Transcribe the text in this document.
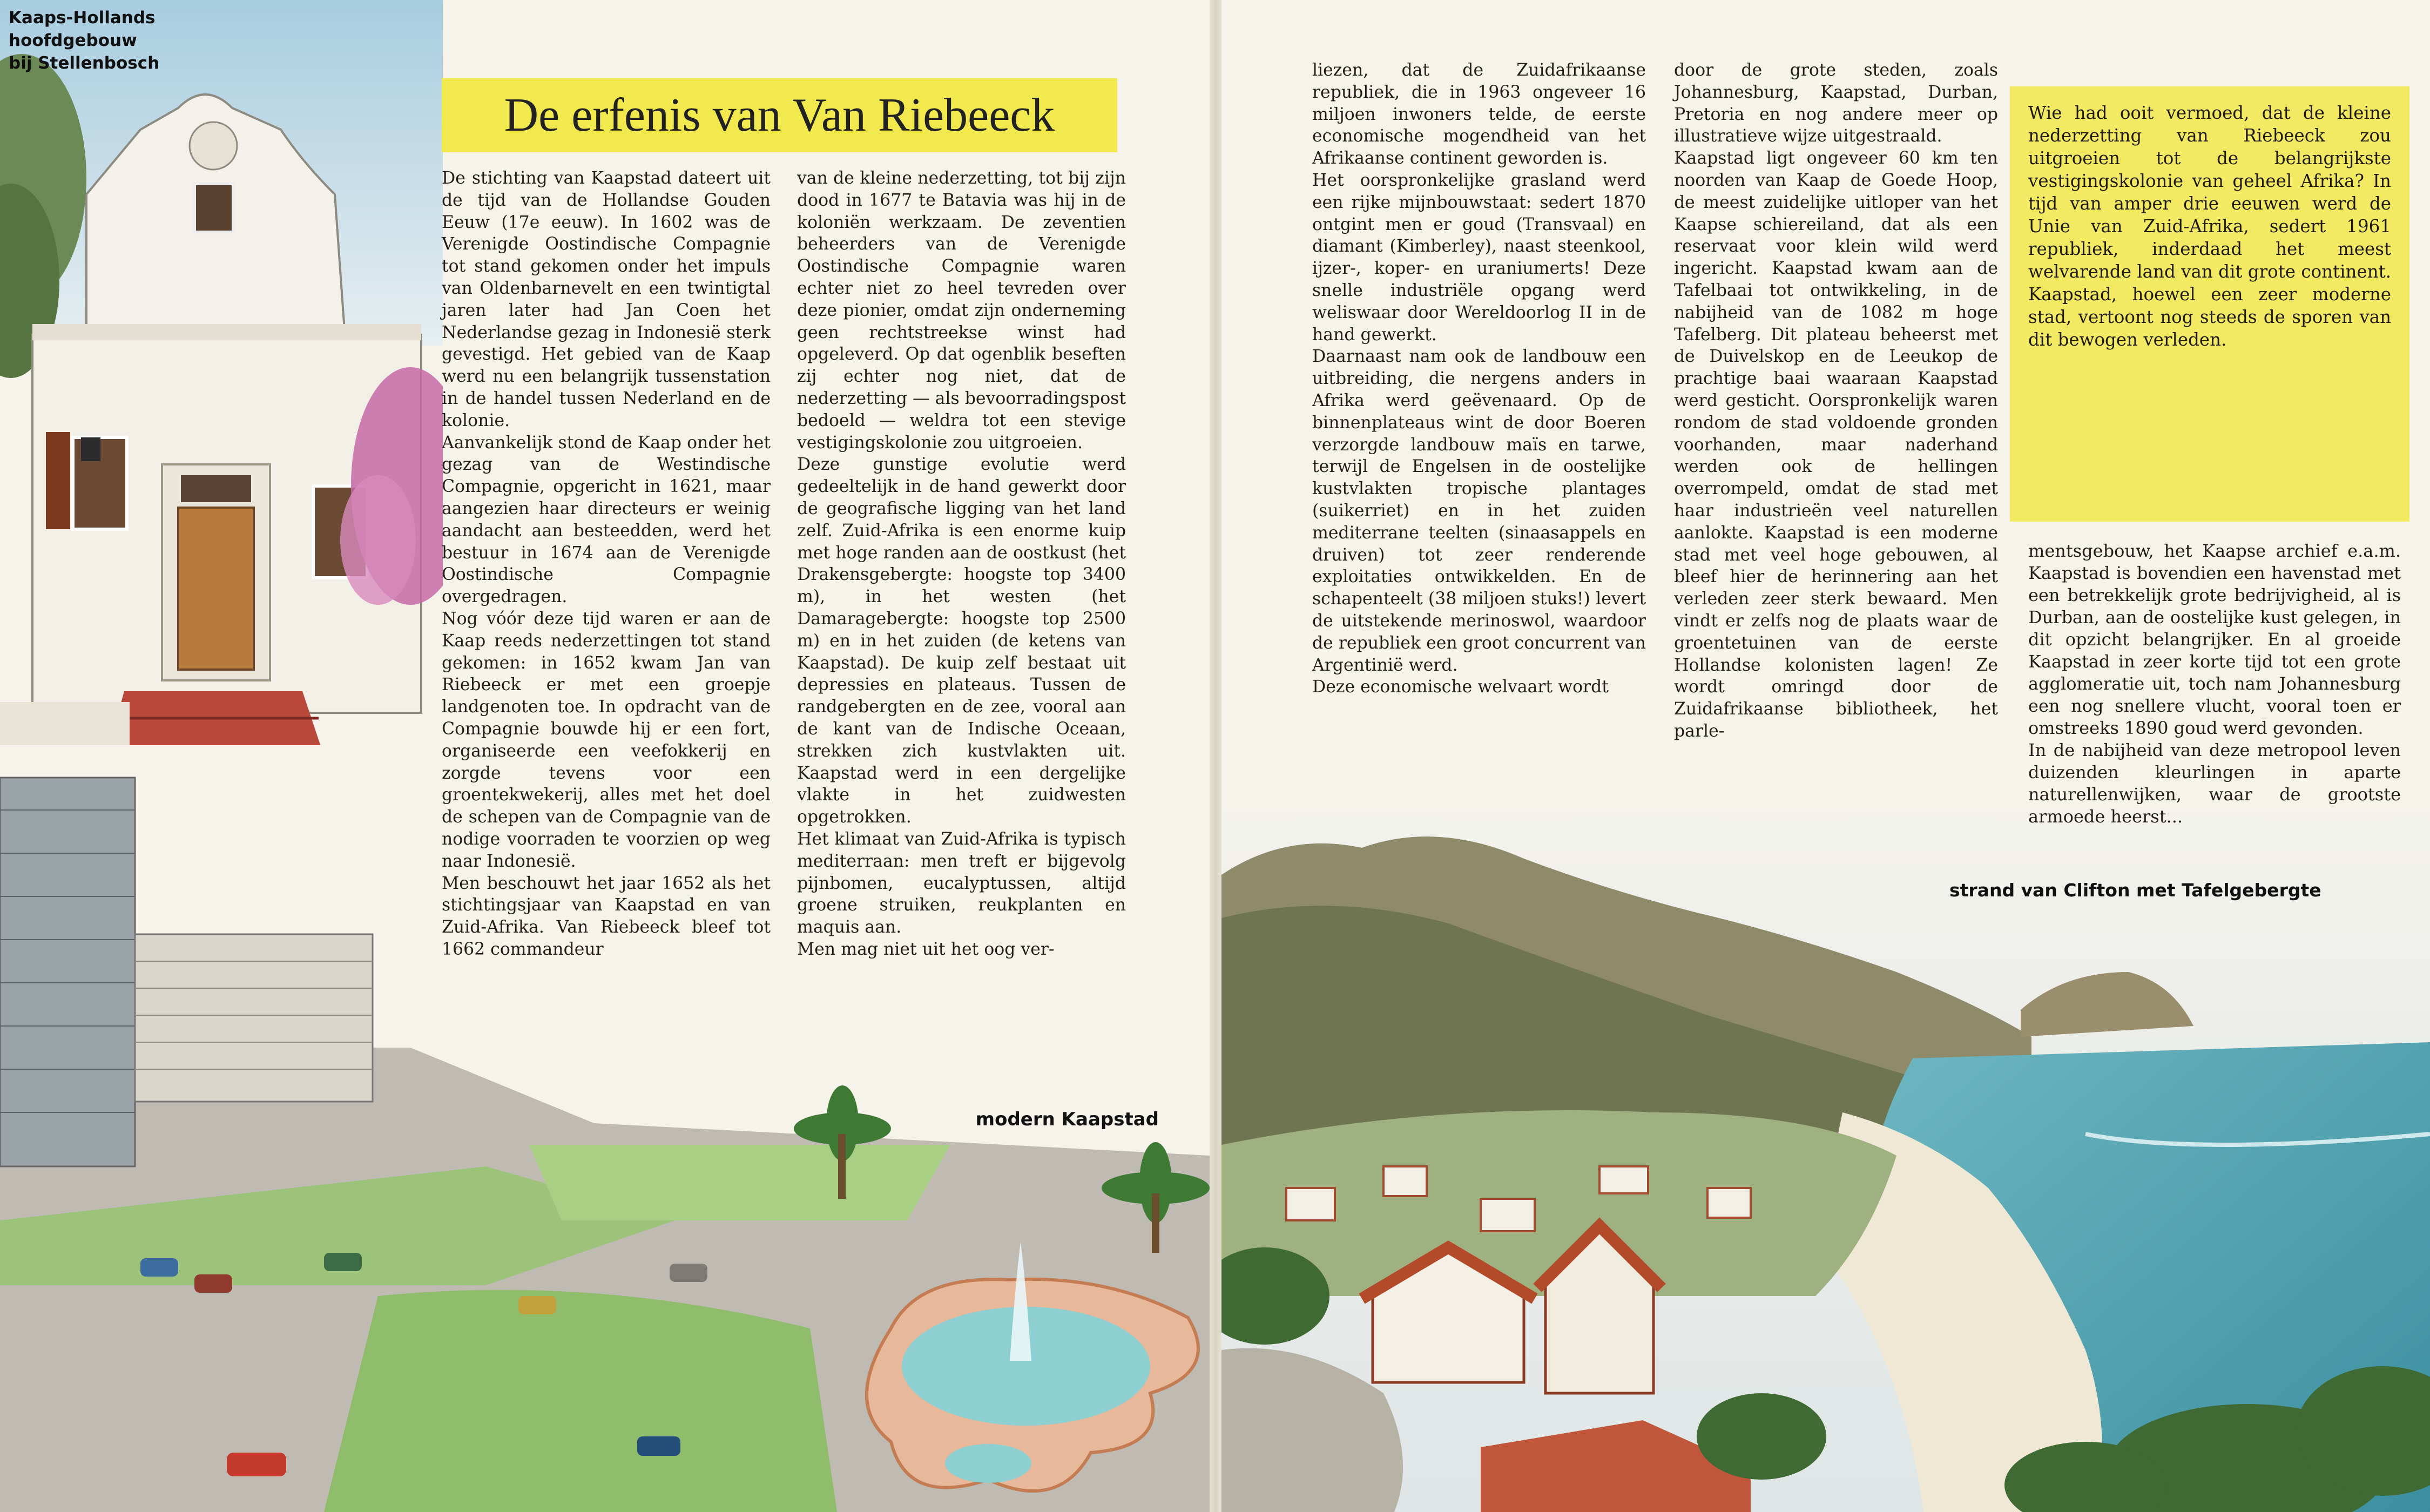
Kaaps-Hollands
hoofdgebouw
bij Stellenbosch
modern Kaapstad
strand van Clifton met Tafelgebergte
De erfenis van Van Riebeeck

De stichting van Kaapstad dateert uit de tijd van de Hollandse Gouden Eeuw (17e eeuw). In 1602 was de Verenigde Oostindische Compagnie tot stand gekomen onder het impuls van Oldenbarnevelt en een twintigtal jaren later had Jan Coen het Nederlandse gezag in Indonesië sterk gevestigd. Het gebied van de Kaap werd nu een belangrijk tussenstation in de handel tussen Nederland en de kolonie.

Aanvankelijk stond de Kaap onder het gezag van de Westindische Compagnie, opgericht in 1621, maar aangezien haar directeurs er weinig aandacht aan besteedden, werd het bestuur in 1674 aan de Verenigde Oostindische Compagnie overgedragen.

Nog vóór deze tijd waren er aan de Kaap reeds nederzettingen tot stand gekomen: in 1652 kwam Jan van Riebeeck er met een groepje landgenoten toe. In opdracht van de Compagnie bouwde hij er een fort, organiseerde een veefokkerij en zorgde tevens voor een groentekwekerij, alles met het doel de schepen van de Compagnie van de nodige voorraden te voorzien op weg naar Indonesië.

Men beschouwt het jaar 1652 als het stichtingsjaar van Kaapstad en van Zuid-Afrika. Van Riebeeck bleef tot 1662 commandeur

van de kleine nederzetting, tot bij zijn dood in 1677 te Batavia was hij in de koloniën werkzaam. De zeventien beheerders van de Verenigde Oostindische Compagnie waren echter niet zo heel tevreden over deze pionier, omdat zijn onderneming geen rechtstreekse winst had opgeleverd. Op dat ogenblik beseften zij echter nog niet, dat de nederzetting — als bevoorradingspost bedoeld — weldra tot een stevige vestigingskolonie zou uitgroeien.

Deze gunstige evolutie werd gedeeltelijk in de hand gewerkt door de geografische ligging van het land zelf. Zuid-Afrika is een enorme kuip met hoge randen aan de oostkust (het Drakensgebergte: hoogste top 3400 m), in het westen (het Damaragebergte: hoogste top 2500 m) en in het zuiden (de ketens van Kaapstad). De kuip zelf bestaat uit depressies en plateaus. Tussen de randgebergten en de zee, vooral aan de kant van de Indische Oceaan, strekken zich kustvlakten uit. Kaapstad werd in een dergelijke vlakte in het zuidwesten opgetrokken.

Het klimaat van Zuid-Afrika is typisch mediterraan: men treft er bijgevolg pijnbomen, eucalyptussen, altijd groene struiken, reukplanten en maquis aan.

Men mag niet uit het oog ver-

liezen, dat de Zuidafrikaanse republiek, die in 1963 ongeveer 16 miljoen inwoners telde, de eerste economische mogendheid van het Afrikaanse continent geworden is.

Het oorspronkelijke grasland werd een rijke mijnbouwstaat: sedert 1870 ontgint men er goud (Transvaal) en diamant (Kimberley), naast steenkool, ijzer-, koper- en uraniumerts! Deze snelle industriële opgang werd weliswaar door Wereldoorlog II in de hand gewerkt.

Daarnaast nam ook de landbouw een uitbreiding, die nergens anders in Afrika werd geëvenaard. Op de binnenplateaus wint de door Boeren verzorgde landbouw maïs en tarwe, terwijl de Engelsen in de oostelijke kustvlakten tropische plantages (suikerriet) en in het zuiden mediterrane teelten (sinaasappels en druiven) tot zeer renderende exploitaties ontwikkelden. En de schapenteelt (38 miljoen stuks!) levert de uitstekende merinoswol, waardoor de republiek een groot concurrent van Argentinië werd.

Deze economische welvaart wordt

door de grote steden, zoals Johannesburg, Kaapstad, Durban, Pretoria en nog andere meer op illustratieve wijze uitgestraald.

Kaapstad ligt ongeveer 60 km ten noorden van Kaap de Goede Hoop, de meest zuidelijke uitloper van het Kaapse schiereiland, dat als een reservaat voor klein wild werd ingericht. Kaapstad kwam aan de Tafelbaai tot ontwikkeling, in de nabijheid van de 1082 m hoge Tafelberg. Dit plateau beheerst met de Duivelskop en de Leeukop de prachtige baai waaraan Kaapstad werd gesticht. Oorspronkelijk waren rondom de stad voldoende gronden voorhanden, maar naderhand werden ook de hellingen overrompeld, omdat de stad met haar industrieën veel naturellen aanlokte. Kaapstad is een moderne stad met veel hoge gebouwen, al bleef hier de herinnering aan het verleden zeer sterk bewaard. Men vindt er zelfs nog de plaats waar de groentetuinen van de eerste Hollandse kolonisten lagen! Ze wordt omringd door de Zuidafrikaanse bibliotheek, het parle-

Wie had ooit vermoed, dat de kleine nederzetting van Riebeeck zou uitgroeien tot de belangrijkste vestigingskolonie van geheel Afrika? In tijd van amper drie eeuwen werd de Unie van Zuid-Afrika, sedert 1961 republiek, inderdaad het meest welvarende land van dit grote continent. Kaapstad, hoewel een zeer moderne stad, vertoont nog steeds de sporen van dit bewogen verleden.

mentsgebouw, het Kaapse archief e.a.m. Kaapstad is bovendien een havenstad met een betrekkelijk grote bedrijvigheid, al is Durban, aan de oostelijke kust gelegen, in dit opzicht belangrijker. En al groeide Kaapstad in zeer korte tijd tot een grote agglomeratie uit, toch nam Johannesburg een nog snellere vlucht, vooral toen er omstreeks 1890 goud werd gevonden.

In de nabijheid van deze metropool leven duizenden kleurlingen in aparte naturellenwijken, waar de grootste armoede heerst...
